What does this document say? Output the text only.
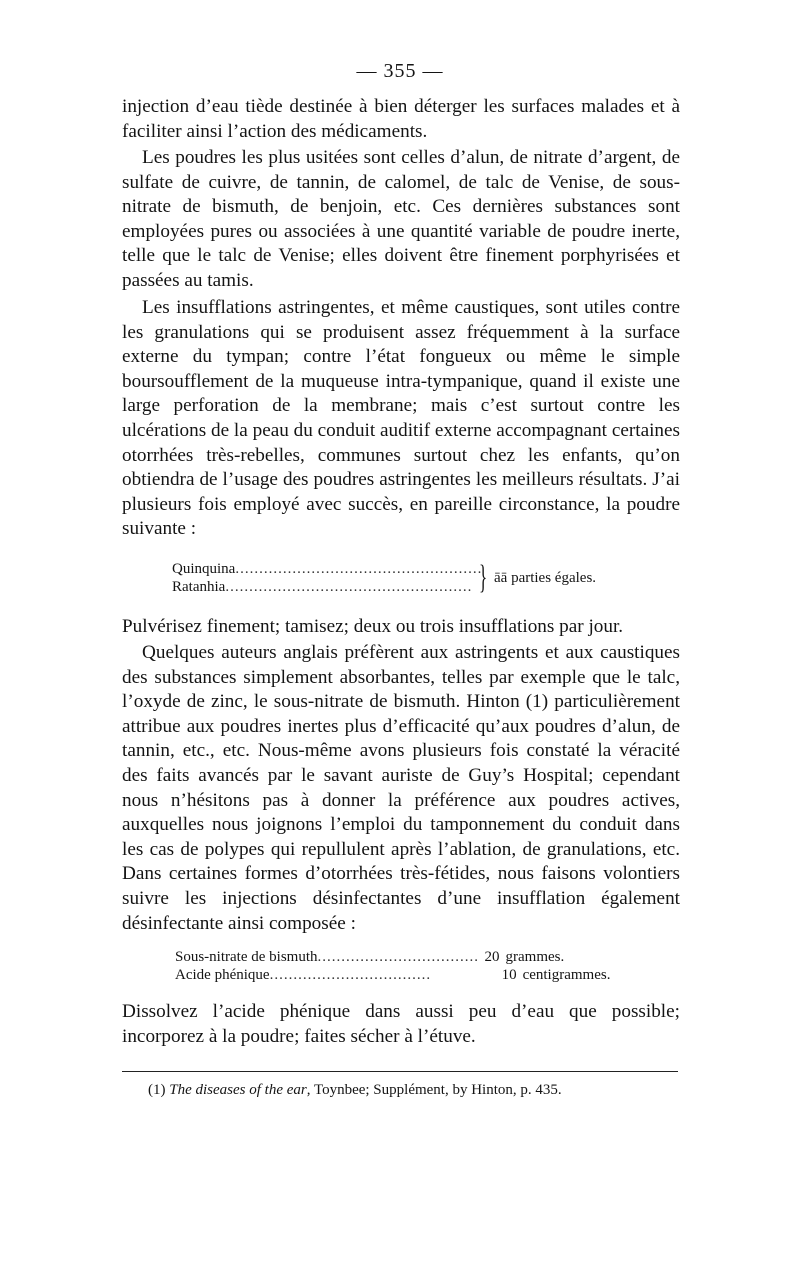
— 355 —

injection d’eau tiède destinée à bien déterger les surfaces malades et à faciliter ainsi l’action des médicaments.

Les poudres les plus usitées sont celles d’alun, de nitrate d’argent, de sulfate de cuivre, de tannin, de calomel, de talc de Venise, de sous-nitrate de bismuth, de benjoin, etc. Ces dernières substances sont employées pures ou associées à une quantité variable de poudre inerte, telle que le talc de Venise; elles doivent être finement porphyrisées et passées au tamis.

Les insufflations astringentes, et même caustiques, sont utiles contre les granulations qui se produisent assez fréquemment à la surface externe du tympan; contre l’état fongueux ou même le simple boursoufflement de la muqueuse intra-tympanique, quand il existe une large perforation de la membrane; mais c’est surtout contre les ulcérations de la peau du conduit auditif externe accompagnant certaines otorrhées très-rebelles, communes surtout chez les enfants, qu’on obtiendra de l’usage des poudres astringentes les meilleurs résultats. J’ai plusieurs fois employé avec succès, en pareille circonstance, la poudre suivante :

Quinquina ....................................................
Ratanhia .................................................... } āā parties égales.

Pulvérisez finement; tamisez; deux ou trois insufflations par jour.

Quelques auteurs anglais préfèrent aux astringents et aux caustiques des substances simplement absorbantes, telles par exemple que le talc, l’oxyde de zinc, le sous-nitrate de bismuth. Hinton (1) particulièrement attribue aux poudres inertes plus d’efficacité qu’aux poudres d’alun, de tannin, etc., etc. Nous-même avons plusieurs fois constaté la véracité des faits avancés par le savant auriste de Guy’s Hospital; cependant nous n’hésitons pas à donner la préférence aux poudres actives, auxquelles nous joignons l’emploi du tamponnement du conduit dans les cas de polypes qui repullulent après l’ablation, de granulations, etc. Dans certaines formes d’otorrhées très-fétides, nous faisons volontiers suivre les injections désinfectantes d’une insufflation également désinfectante ainsi composée :

Sous-nitrate de bismuth .................................. 20 grammes.
Acide phénique ..................................	10 centigrammes.

Dissolvez l’acide phénique dans aussi peu d’eau que possible; incorporez à la poudre; faites sécher à l’étuve.

(1) The diseases of the ear, Toynbee; Supplément, by Hinton, p. 435.
